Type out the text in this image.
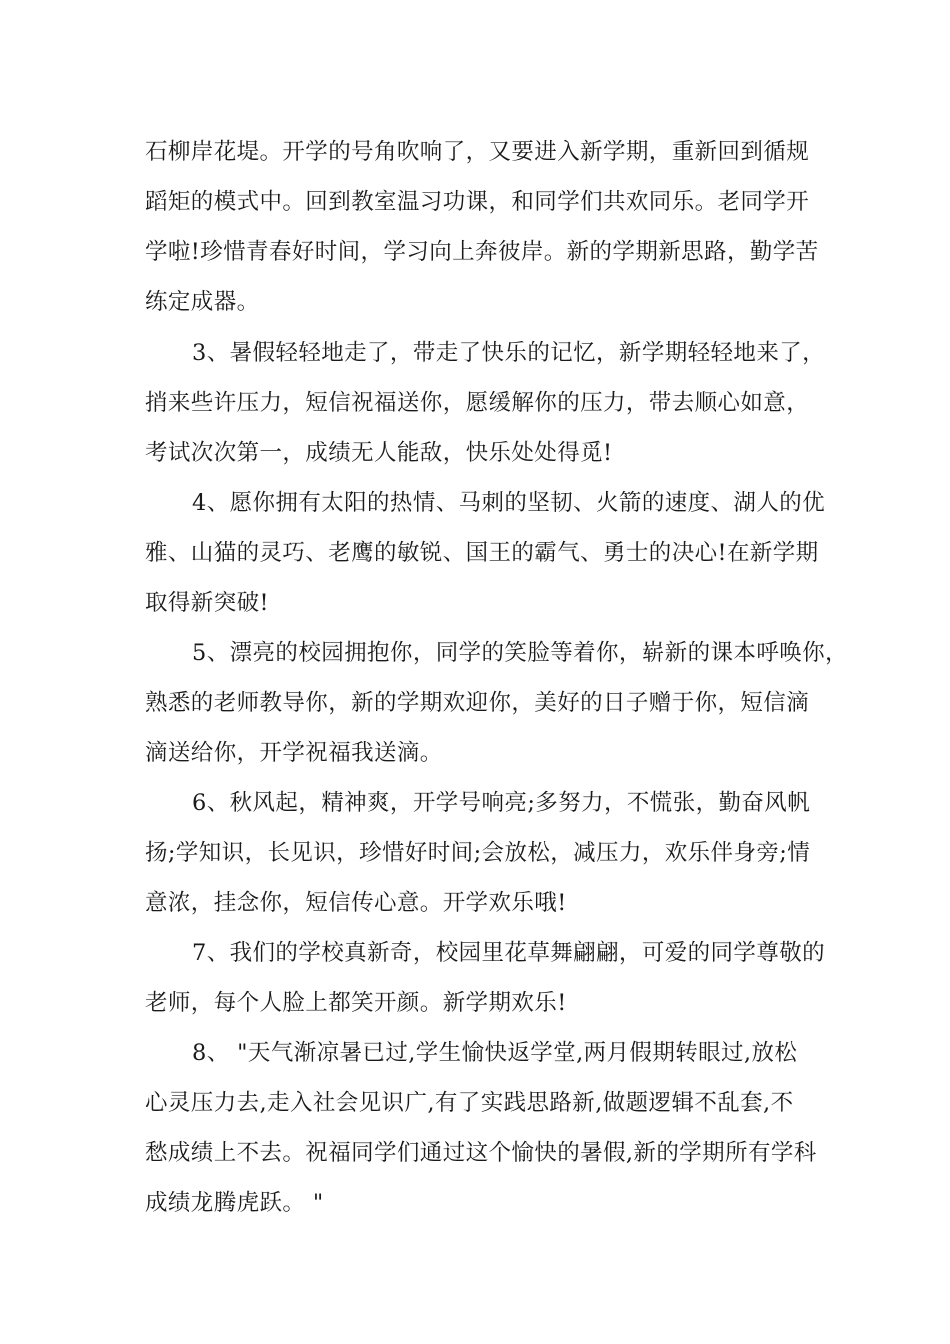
石柳岸花堤。开学的号角吹响了，又要进入新学期，重新回到循规
蹈矩的模式中。回到教室温习功课，和同学们共欢同乐。老同学开
学啦!珍惜青春好时间，学习向上奔彼岸。新的学期新思路，勤学苦
练定成器。
3、暑假轻轻地走了，带走了快乐的记忆，新学期轻轻地来了，
捎来些许压力，短信祝福送你，愿缓解你的压力，带去顺心如意，
考试次次第一，成绩无人能敌，快乐处处得觅!
4、愿你拥有太阳的热情、马刺的坚韧、火箭的速度、湖人的优
雅、山猫的灵巧、老鹰的敏锐、国王的霸气、勇士的决心!在新学期
取得新突破!
5、漂亮的校园拥抱你，同学的笑脸等着你，崭新的课本呼唤你，
熟悉的老师教导你，新的学期欢迎你，美好的日子赠于你，短信滴
滴送给你，开学祝福我送滴。
6、秋风起，精神爽，开学号响亮;多努力，不慌张，勤奋风帆
扬;学知识，长见识，珍惜好时间;会放松，减压力，欢乐伴身旁;情
意浓，挂念你，短信传心意。开学欢乐哦!
7、我们的学校真新奇，校园里花草舞翩翩，可爱的同学尊敬的
老师，每个人脸上都笑开颜。新学期欢乐!
8、 "天气渐凉暑已过,学生愉快返学堂,两月假期转眼过,放松
心灵压力去,走入社会见识广,有了实践思路新,做题逻辑不乱套,不
愁成绩上不去。祝福同学们通过这个愉快的暑假,新的学期所有学科
成绩龙腾虎跃。 "
